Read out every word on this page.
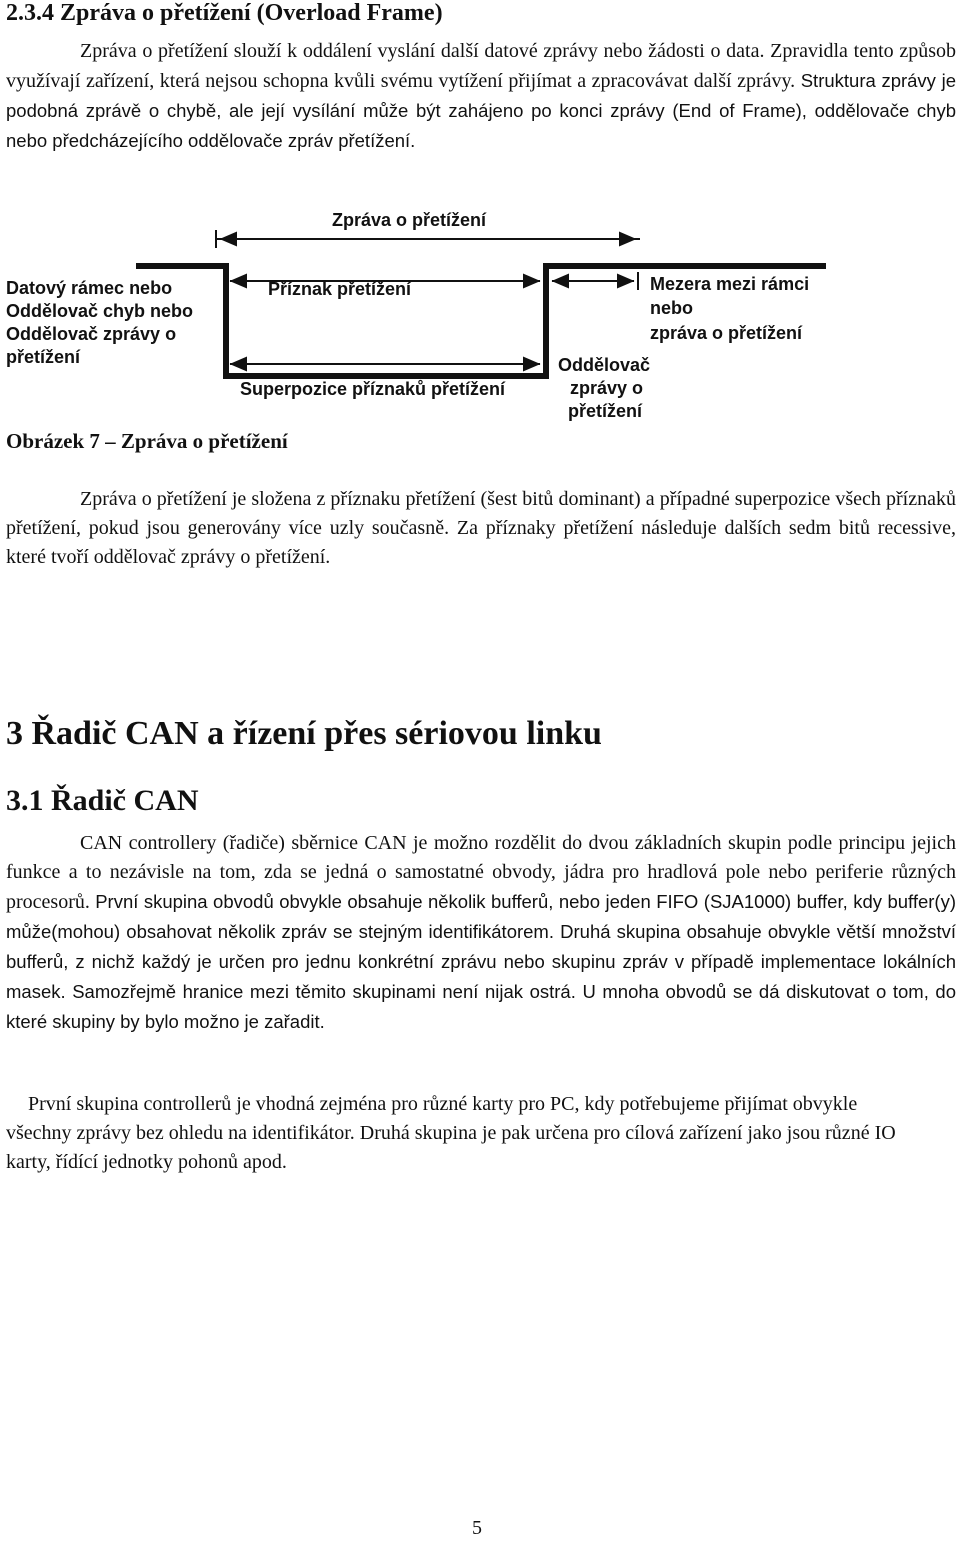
2.3.4 Zpráva o přetížení (Overload Frame)

Zpráva o přetížení slouží k oddálení vyslání další datové zprávy nebo žádosti o data. Zpravidla tento způsob využívají zařízení, která nejsou schopna kvůli svému vytížení přijímat a zpracovávat další zprávy. Struktura zprávy je podobná zprávě o chybě, ale její vysílání může být zahájeno po konci zprávy (End of Frame), oddělovače chyb nebo předcházejícího oddělovače zpráv přetížení.

Zpráva o přetížení
Příznak přetížení
Superpozice příznaků přetížení
Datový rámec nebo
Oddělovač chyb nebo
Oddělovač zprávy o
přetížení
Mezera mezi rámci
nebo
zpráva o přetížení
Oddělovač
zprávy o
přetížení

Obrázek 7 – Zpráva o přetížení

Zpráva o přetížení je složena z příznaku přetížení (šest bitů dominant) a případné superpozice všech příznaků přetížení, pokud jsou generovány více uzly současně. Za příznaky přetížení následuje dalších sedm bitů recessive, které tvoří oddělovač zprávy o přetížení.

3 Řadič CAN a řízení přes sériovou linku
3.1 Řadič CAN

CAN controllery (řadiče) sběrnice CAN je možno rozdělit do dvou základních skupin podle principu jejich funkce a to nezávisle na tom, zda se jedná o samostatné obvody, jádra pro hradlová pole nebo periferie různých procesorů. První skupina obvodů obvykle obsahuje několik bufferů, nebo jeden FIFO (SJA1000) buffer, kdy buffer(y) může(mohou) obsahovat několik zpráv se stejným identifikátorem. Druhá skupina obsahuje obvykle větší množství bufferů, z nichž každý je určen pro jednu konkrétní zprávu nebo skupinu zpráv v případě implementace lokálních masek. Samozřejmě hranice mezi těmito skupinami není nijak ostrá. U mnoha obvodů se dá diskutovat o tom, do které skupiny by bylo možno je zařadit.

První skupina controllerů je vhodná zejména pro různé karty pro PC, kdy potřebujeme přijímat obvykle všechny zprávy bez ohledu na identifikátor. Druhá skupina je pak určena pro cílová zařízení jako jsou různé IO karty, řídící jednotky pohonů apod.

5
